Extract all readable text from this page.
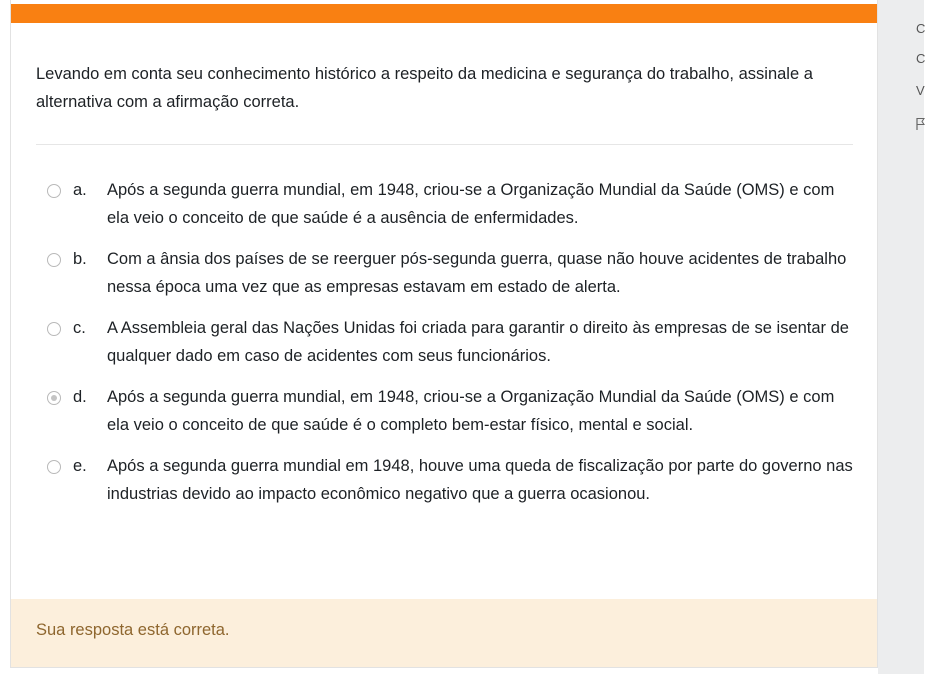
Levando em conta seu conhecimento histórico a respeito da medicina e segurança do trabalho, assinale a alternativa com a afirmação correta.
a.	Após a segunda guerra mundial, em 1948, criou-se a Organização Mundial da Saúde (OMS) e com ela veio o conceito de que saúde é a ausência de enfermidades.
b.	Com a ânsia dos países de se reerguer pós-segunda guerra, quase não houve acidentes de trabalho nessa época uma vez que as empresas estavam em estado de alerta.
c.	A Assembleia geral das Nações Unidas foi criada para garantir o direito às empresas de se isentar de qualquer dado em caso de acidentes com seus funcionários.
d.	Após a segunda guerra mundial, em 1948, criou-se a Organização Mundial da Saúde (OMS) e com ela veio o conceito de que saúde é o completo bem-estar físico, mental e social.
e.	Após a segunda guerra mundial em 1948, houve uma queda de fiscalização por parte do governo nas industrias devido ao impacto econômico negativo que a guerra ocasionou.
Sua resposta está correta.
C
C
V
